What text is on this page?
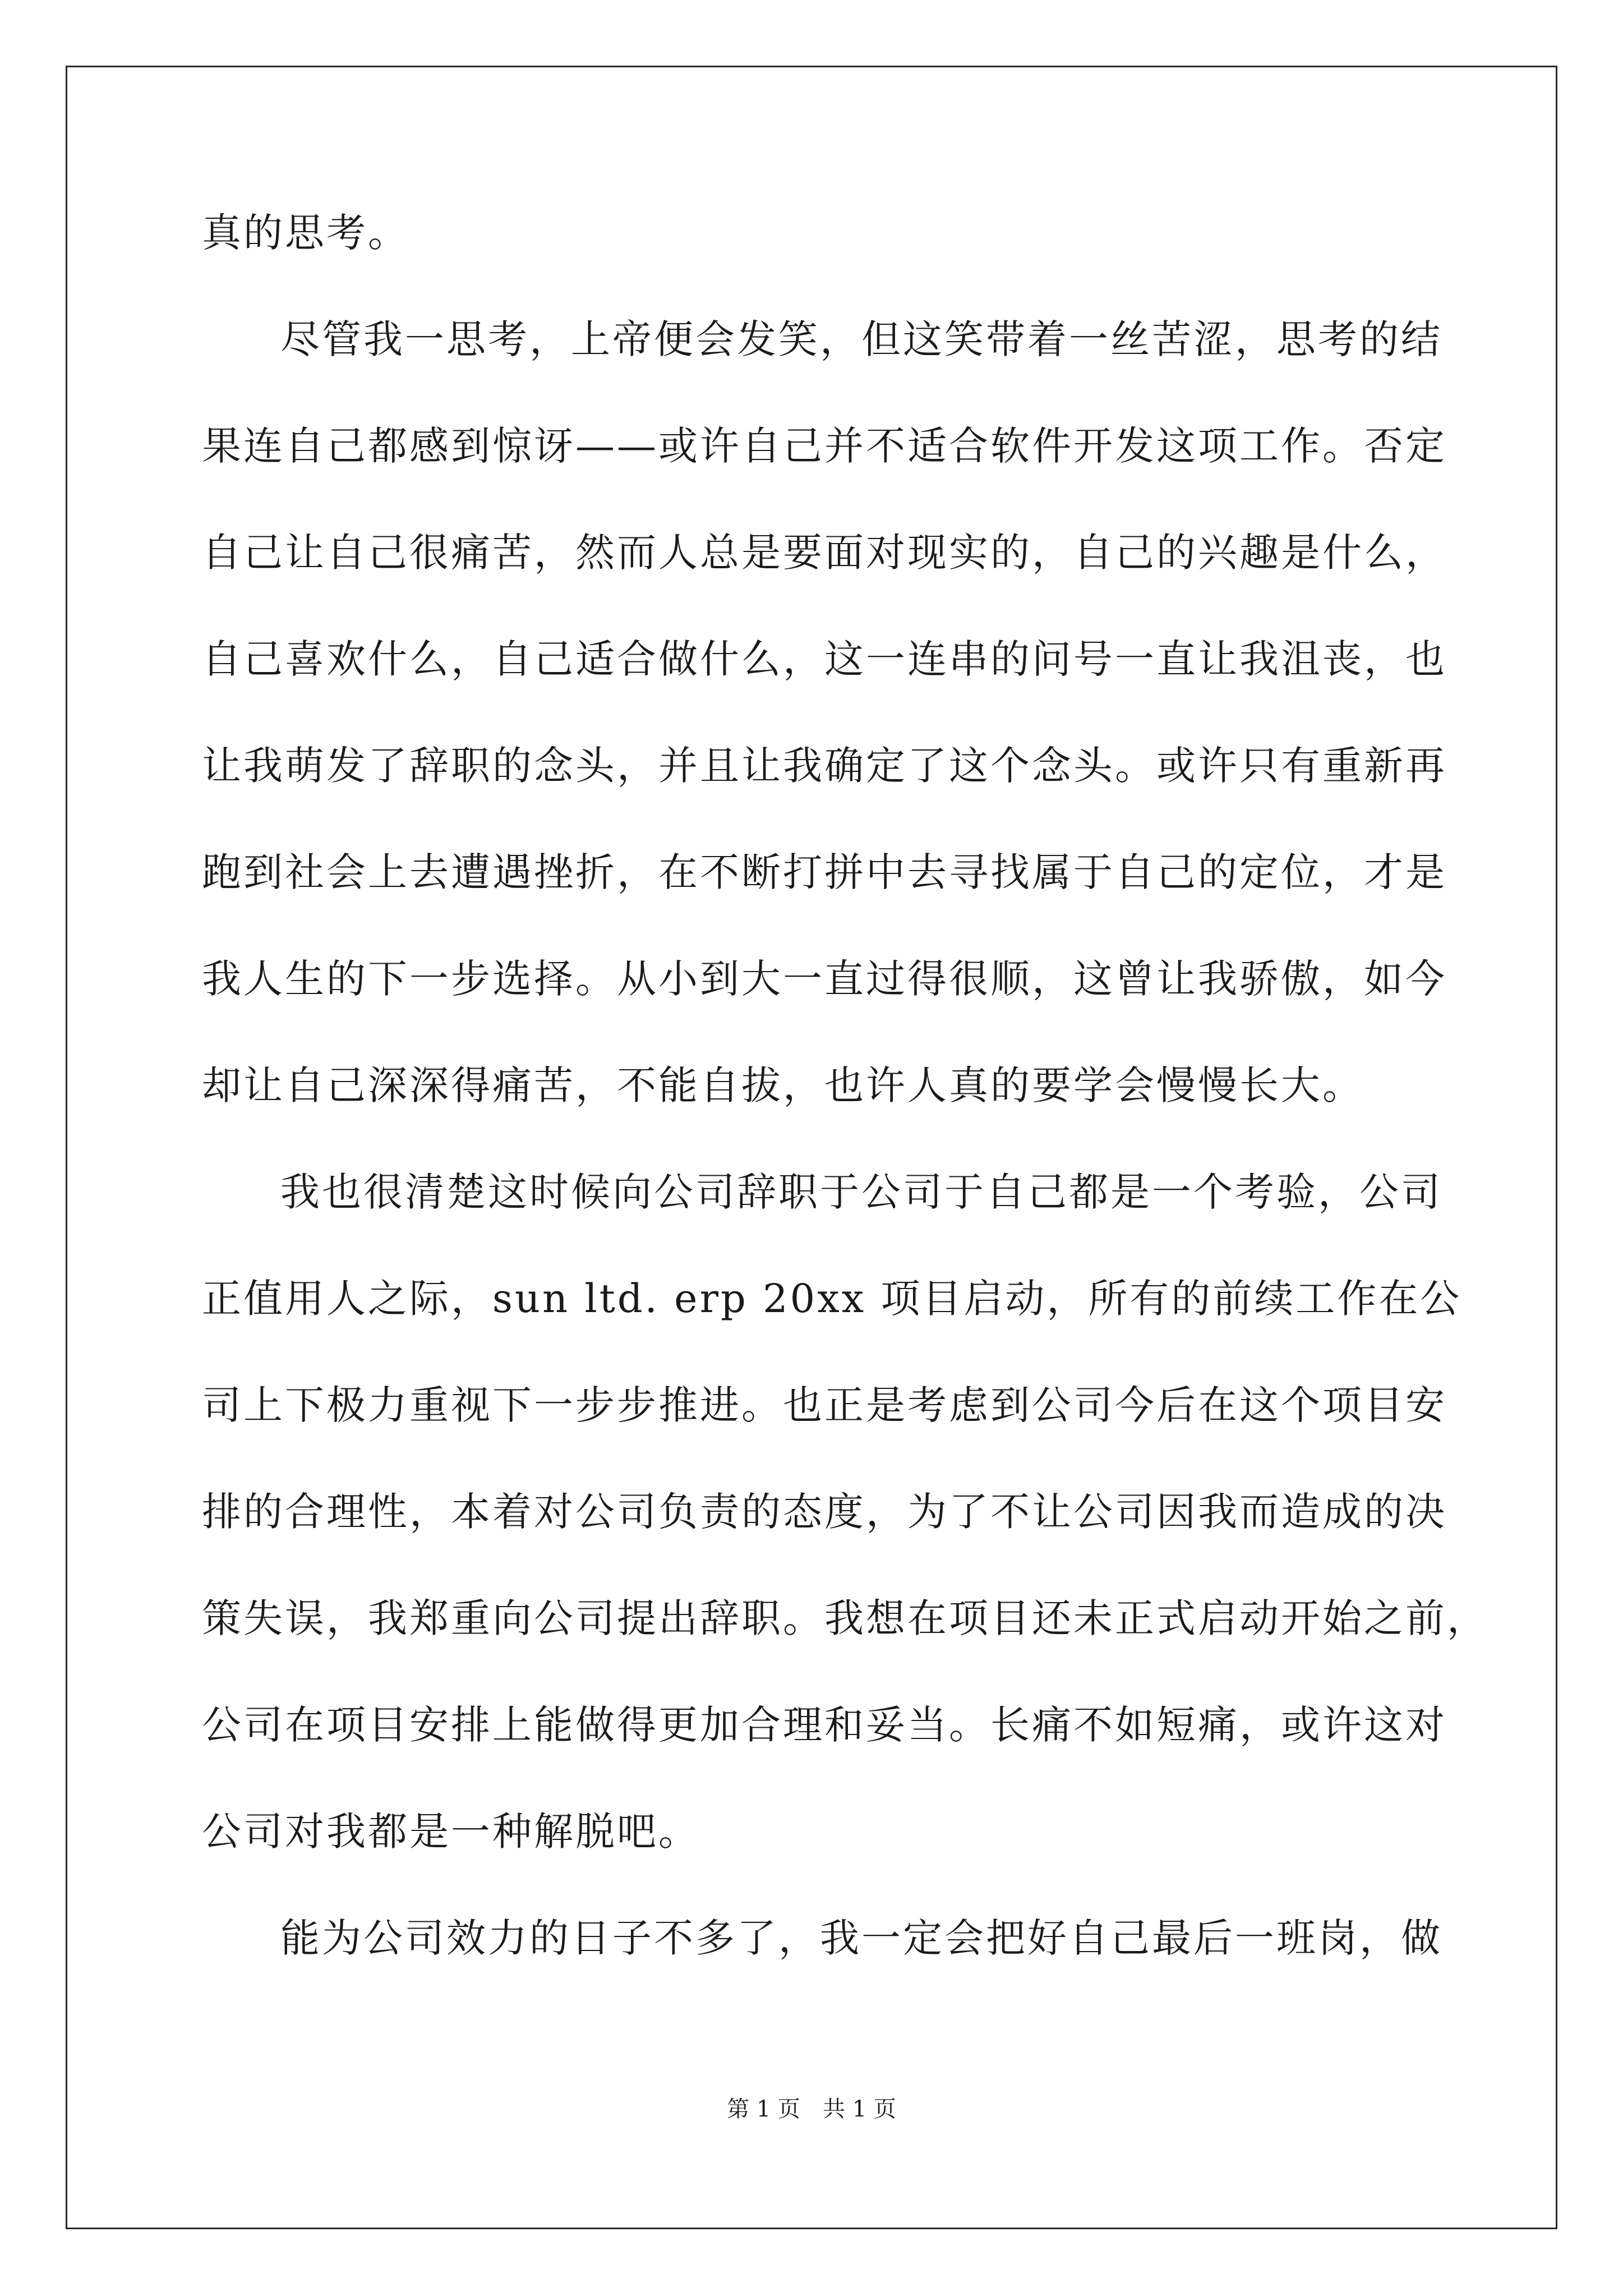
真的思考。
尽管我一思考，上帝便会发笑，但这笑带着一丝苦涩，思考的结
果连自己都感到惊讶——或许自己并不适合软件开发这项工作。否定
自己让自己很痛苦，然而人总是要面对现实的，自己的兴趣是什么，
自己喜欢什么，自己适合做什么，这一连串的问号一直让我沮丧，也
让我萌发了辞职的念头，并且让我确定了这个念头。或许只有重新再
跑到社会上去遭遇挫折，在不断打拼中去寻找属于自己的定位，才是
我人生的下一步选择。从小到大一直过得很顺，这曾让我骄傲，如今
却让自己深深得痛苦，不能自拔，也许人真的要学会慢慢长大。
我也很清楚这时候向公司辞职于公司于自己都是一个考验，公司
正值用人之际，sun ltd. erp 20xx 项目启动，所有的前续工作在公
司上下极力重视下一步步推进。也正是考虑到公司今后在这个项目安
排的合理性，本着对公司负责的态度，为了不让公司因我而造成的决
策失误，我郑重向公司提出辞职。我想在项目还未正式启动开始之前，
公司在项目安排上能做得更加合理和妥当。长痛不如短痛，或许这对
公司对我都是一种解脱吧。
能为公司效力的日子不多了，我一定会把好自己最后一班岗，做
第 1 页　共 1 页
